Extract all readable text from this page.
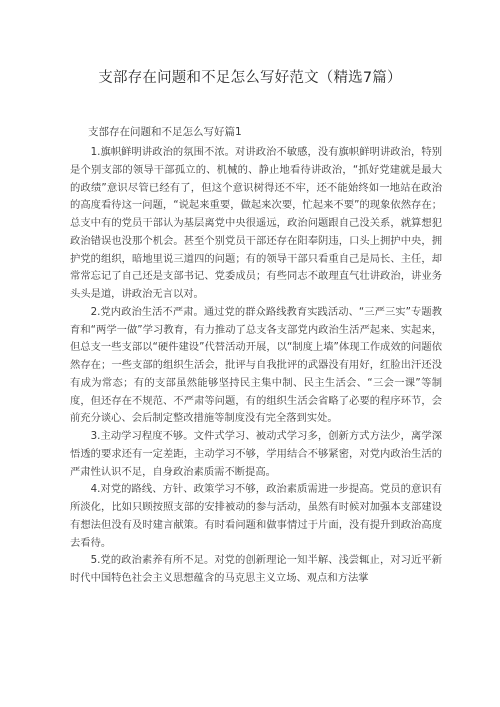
支部存在问题和不足怎么写好范文（精选7篇）
支部存在问题和不足怎么写好篇1

1.旗帜鲜明讲政治的氛围不浓。对讲政治不敏感，没有旗帜鲜明讲政治，特别是个别支部的领导干部孤立的、机械的、静止地看待讲政治，“抓好党建就是最大的政绩”意识尽管已经有了，但这个意识树得还不牢，还不能始终如一地站在政治的高度看待这一问题，“说起来重要，做起来次要，忙起来不要”的现象依然存在；总支中有的党员干部认为基层离党中央很遥远，政治问题跟自己没关系，就算想犯政治错误也没那个机会。甚至个别党员干部还存在阳奉阴违，口头上拥护中央，拥护党的组织，暗地里说三道四的问题；有的领导干部只看重自己是局长、主任，却常常忘记了自己还是支部书记、党委成员；有些同志不敢理直气壮讲政治，讲业务头头是道，讲政治无言以对。

2.党内政治生活不严肃。通过党的群众路线教育实践活动、“三严三实”专题教育和“两学一做”学习教育，有力推动了总支各支部党内政治生活严起来、实起来，但总支一些支部以“硬件建设”代替活动开展，以“制度上墙”体现工作成效的问题依然存在；一些支部的组织生活会，批评与自我批评的武器没有用好，红脸出汗还没有成为常态；有的支部虽然能够坚持民主集中制、民主生活会、“三会一课”等制度，但还存在不规范、不严肃等问题，有的组织生活会省略了必要的程序环节，会前充分谈心、会后制定整改措施等制度没有完全落到实处。

3.主动学习程度不够。文件式学习、被动式学习多，创新方式方法少，离学深悟透的要求还有一定差距，主动学习不够，学用结合不够紧密，对党内政治生活的严肃性认识不足，自身政治素质需不断提高。

4.对党的路线、方针、政策学习不够，政治素质需进一步提高。党员的意识有所淡化，比如只顾按照支部的安排被动的参与活动，虽然有时候对加强本支部建设有想法但没有及时建言献策。有时看问题和做事情过于片面，没有提升到政治高度去看待。

5.党的政治素养有所不足。对党的创新理论一知半解、浅尝辄止，对习近平新时代中国特色社会主义思想蕴含的马克思主义立场、观点和方法掌
